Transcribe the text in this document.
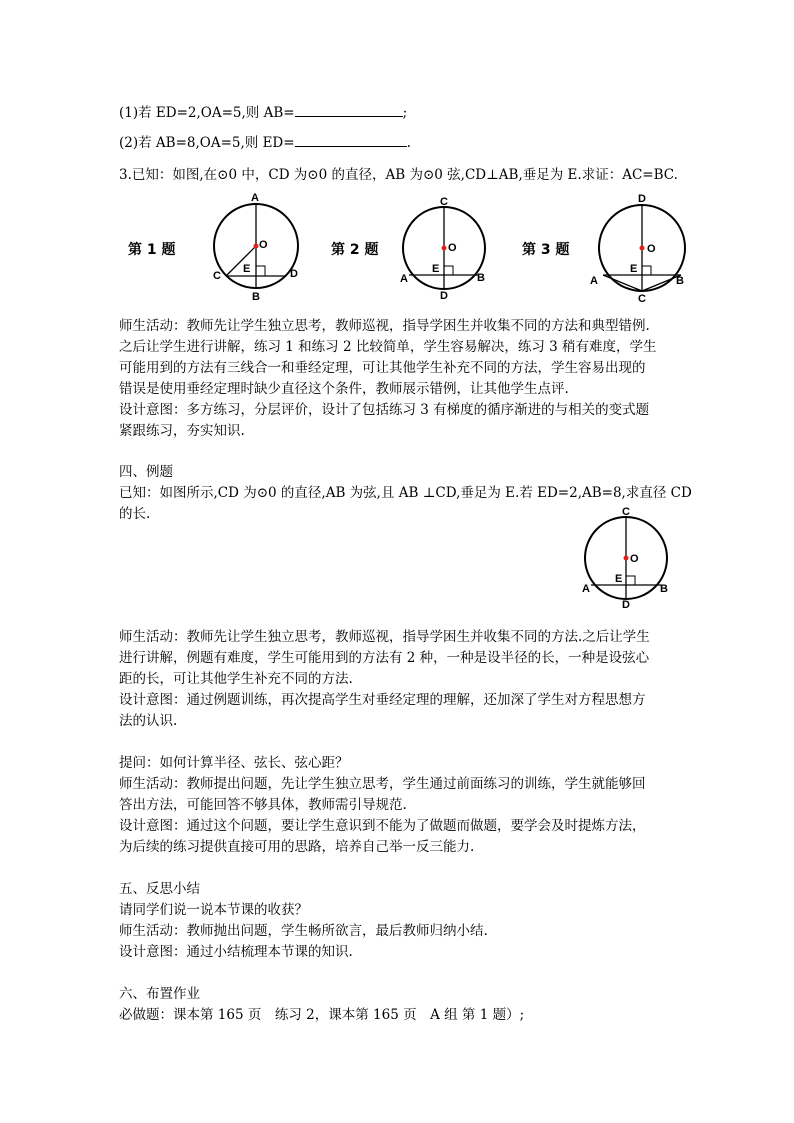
(1)若 ED=2,OA=5,则 AB=	;
(2)若 AB=8,OA=5,则 ED=	.
3.已知：如图,在⊙0 中，CD 为⊙0 的直径，AB 为⊙0 弦,CD⊥AB,垂足为 E.求证：AC=BC.
第 1 题	第 2 题	第 3 题
A
O
E
C	D
B
C
O
E
A	B
D
D
O
E
A	B
C
师生活动：教师先让学生独立思考，教师巡视，指导学困生并收集不同的方法和典型错例.
之后让学生进行讲解，练习 1 和练习 2 比较简单，学生容易解决，练习 3 稍有难度，学生
可能用到的方法有三线合一和垂经定理，可让其他学生补充不同的方法，学生容易出现的
错误是使用垂经定理时缺少直径这个条件，教师展示错例，让其他学生点评.
设计意图：多方练习，分层评价，设计了包括练习 3 有梯度的循序渐进的与相关的变式题
紧跟练习，夯实知识.
四、例题
已知：如图所示,CD 为⊙0 的直径,AB 为弦,且 AB ⊥CD,垂足为 E.若 ED=2,AB=8,求直径 CD
的长.	C
O
E
A	B
D
师生活动：教师先让学生独立思考，教师巡视，指导学困生并收集不同的方法.之后让学生
进行讲解，例题有难度，学生可能用到的方法有 2 种，一种是设半径的长，一种是设弦心
距的长，可让其他学生补充不同的方法.
设计意图：通过例题训练，再次提高学生对垂经定理的理解，还加深了学生对方程思想方
法的认识.
提问：如何计算半径、弦长、弦心距？
师生活动：教师提出问题，先让学生独立思考，学生通过前面练习的训练，学生就能够回
答出方法，可能回答不够具体，教师需引导规范.
设计意图：通过这个问题，要让学生意识到不能为了做题而做题，要学会及时提炼方法，
为后续的练习提供直接可用的思路，培养自己举一反三能力.
五、反思小结
请同学们说一说本节课的收获？
师生活动：教师抛出问题，学生畅所欲言，最后教师归纳小结.
设计意图：通过小结梳理本节课的知识.
六、布置作业
必做题：课本第 165 页　练习 2，课本第 165 页　A 组 第 1 题）;
